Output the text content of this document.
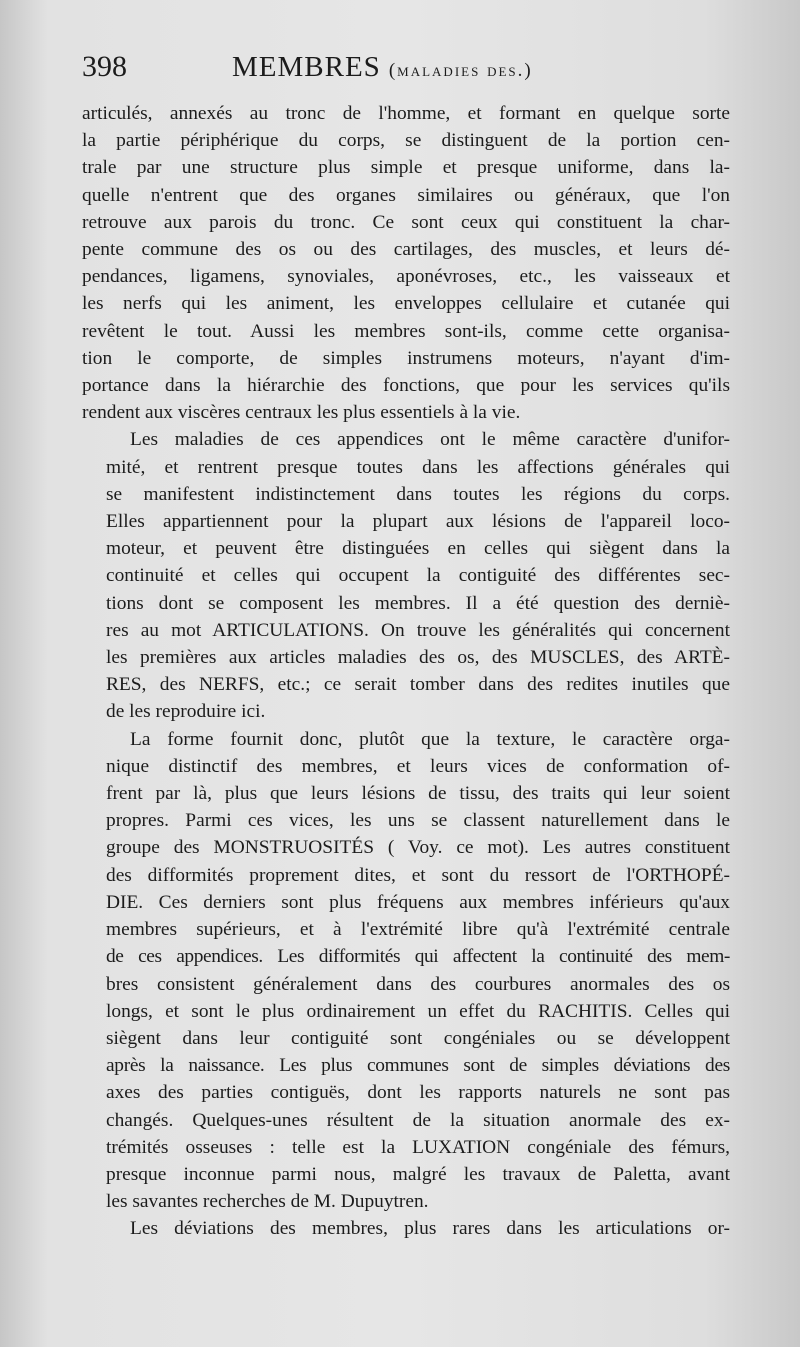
398	MEMBRES (maladies des.)

articulés, annexés au tronc de l'homme, et formant en quelque sorte
la partie périphérique du corps, se distinguent de la portion cen-
trale par une structure plus simple et presque uniforme, dans la-
quelle n'entrent que des organes similaires ou généraux, que l'on
retrouve aux parois du tronc. Ce sont ceux qui constituent la char-
pente commune des os ou des cartilages, des muscles, et leurs dé-
pendances, ligamens, synoviales, aponévroses, etc., les vaisseaux et
les nerfs qui les animent, les enveloppes cellulaire et cutanée qui
revêtent le tout. Aussi les membres sont-ils, comme cette organisa-
tion le comporte, de simples instrumens moteurs, n'ayant d'im-
portance dans la hiérarchie des fonctions, que pour les services qu'ils
rendent aux viscères centraux les plus essentiels à la vie.

Les maladies de ces appendices ont le même caractère d'unifor-
mité, et rentrent presque toutes dans les affections générales qui
se manifestent indistinctement dans toutes les régions du corps.
Elles appartiennent pour la plupart aux lésions de l'appareil loco-
moteur, et peuvent être distinguées en celles qui siègent dans la
continuité et celles qui occupent la contiguité des différentes sec-
tions dont se composent les membres. Il a été question des derniè-
res au mot ARTICULATIONS. On trouve les généralités qui concernent
les premières aux articles maladies des os, des MUSCLES, des ARTÈ-
RES, des NERFS, etc.; ce serait tomber dans des redites inutiles que
de les reproduire ici.

La forme fournit donc, plutôt que la texture, le caractère orga-
nique distinctif des membres, et leurs vices de conformation of-
frent par là, plus que leurs lésions de tissu, des traits qui leur soient
propres. Parmi ces vices, les uns se classent naturellement dans le
groupe des MONSTRUOSITÉS ( Voy. ce mot). Les autres constituent
des difformités proprement dites, et sont du ressort de l'ORTHOPÉ-
DIE. Ces derniers sont plus fréquens aux membres inférieurs qu'aux
membres supérieurs, et à l'extrémité libre qu'à l'extrémité centrale
de ces appendices. Les difformités qui affectent la continuité des mem-
bres consistent généralement dans des courbures anormales des os
longs, et sont le plus ordinairement un effet du RACHITIS. Celles qui
siègent dans leur contiguité sont congéniales ou se développent
après la naissance. Les plus communes sont de simples déviations des
axes des parties contiguës, dont les rapports naturels ne sont pas
changés. Quelques-unes résultent de la situation anormale des ex-
trémités osseuses : telle est la LUXATION congéniale des fémurs,
presque inconnue parmi nous, malgré les travaux de Paletta, avant
les savantes recherches de M. Dupuytren.

Les déviations des membres, plus rares dans les articulations or-
